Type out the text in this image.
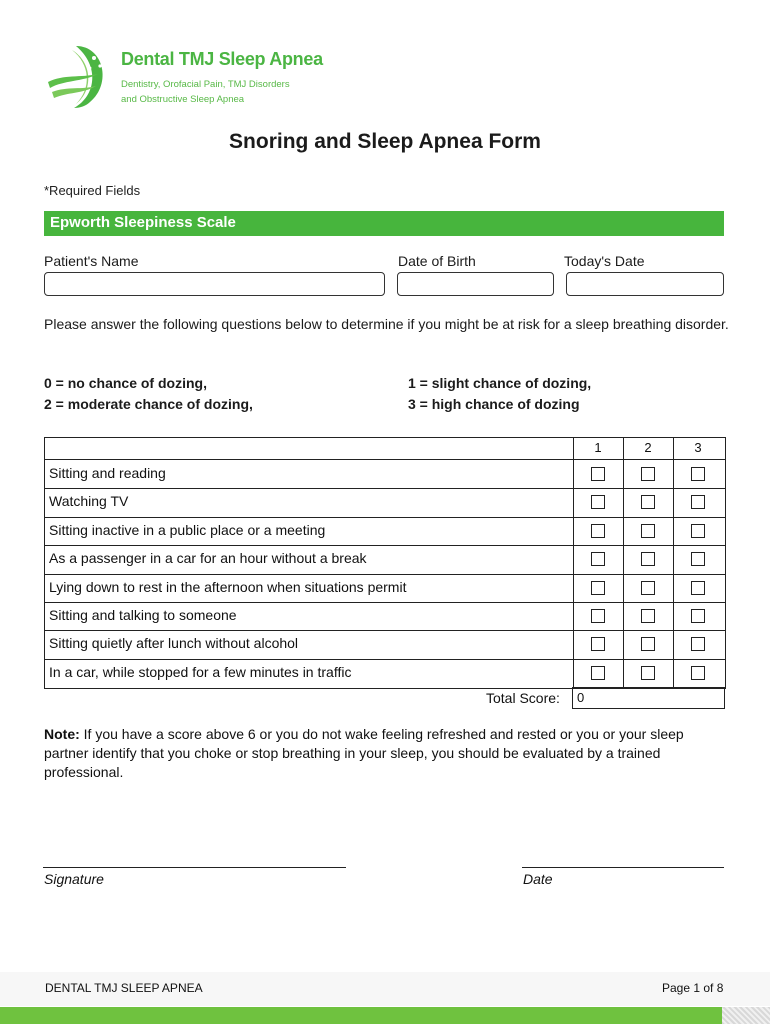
Dental TMJ Sleep Apnea
Dentistry, Orofacial Pain, TMJ Disorders and Obstructive Sleep Apnea
Snoring and Sleep Apnea Form
*Required Fields
Epworth Sleepiness Scale
Patient's Name	Date of Birth	Today's Date
Please answer the following questions below to determine if you might be at risk for a sleep breathing disorder.
0 = no chance of dozing,	1 = slight chance of dozing,
2 = moderate chance of dozing,	3 = high chance of dozing
1	2	3
Sitting and reading
Watching TV
Sitting inactive in a public place or a meeting
As a passenger in a car for an hour without a break
Lying down to rest in the afternoon when situations permit
Sitting and talking to someone
Sitting quietly after lunch without alcohol
In a car, while stopped for a few minutes in traffic
Total Score: 0
Note: If you have a score above 6 or you do not wake feeling refreshed and rested or you or your sleep partner identify that you choke or stop breathing in your sleep, you should be evaluated by a trained professional.
Signature	Date
DENTAL TMJ SLEEP APNEA	Page 1 of 8
